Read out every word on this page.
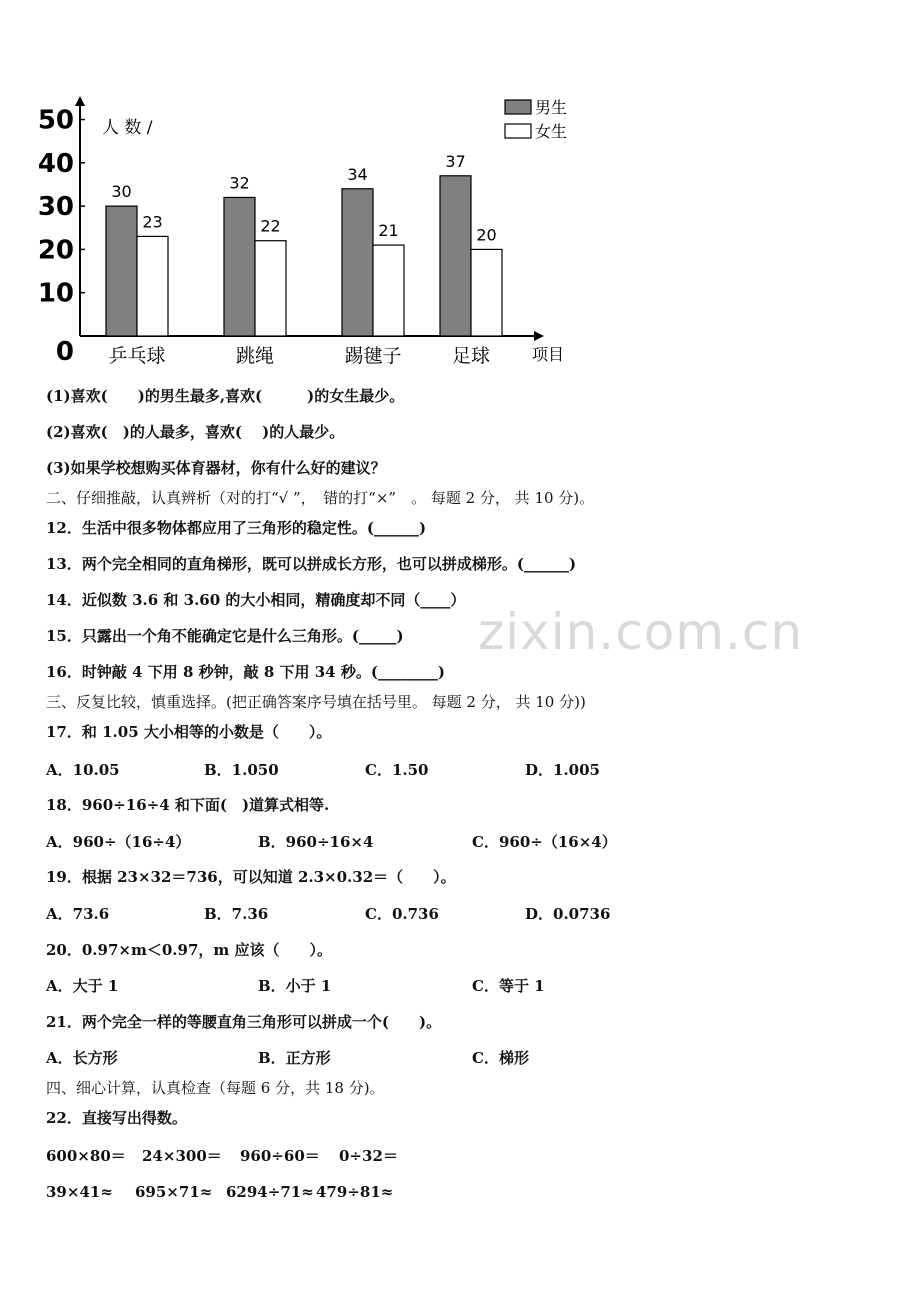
0
10
20
30
40
50 人 数 /
项目
30
23
乒乓球
32
22
跳绳
34
21
踢毽子
37
20
足球
男生
女生
(1)喜欢(　　)的男生最多,喜欢(　　　)的女生最少。
(2)喜欢(　)的人最多，喜欢(　 )的人最少。
(3)如果学校想购买体育器材，你有什么好的建议？
二、仔细推敲，认真辨析（对的打“√ ”，　错的打“×”　。 每题 2 分， 共 10 分)。
12．生活中很多物体都应用了三角形的稳定性。(______)
13．两个完全相同的直角梯形，既可以拼成长方形，也可以拼成梯形。(______)
14．近似数 3.6 和 3.60 的大小相同，精确度却不同（____）
15．只露出一个角不能确定它是什么三角形。(_____)
16．时钟敲 4 下用 8 秒钟，敲 8 下用 34 秒。(________)
三、反复比较，慎重选择。(把正确答案序号填在括号里。 每题 2 分， 共 10 分))
17．和 1.05 大小相等的小数是（　　）。
A．10.05	B．1.050	C．1.50	D．1.005
18．960÷16÷4 和下面(　)道算式相等.
A．960÷（16÷4）	B．960÷16×4	C．960÷（16×4）
19．根据 23×32＝736，可以知道 2.3×0.32＝（　　）。
A．73.6	B．7.36	C．0.736	D．0.0736
20．0.97×m＜0.97，m 应该（　　）。
A．大于 1	B．小于 1	C．等于 1
21．两个完全一样的等腰直角三角形可以拼成一个(　　)。
A．长方形	B．正方形	C．梯形
四、细心计算，认真检查（每题 6 分，共 18 分)。
22．直接写出得数。
600×80＝ 24×300＝ 960÷60＝ 0÷32＝
39×41≈ 695×71≈ 6294÷71≈ 479÷81≈
zixin.com.cn
